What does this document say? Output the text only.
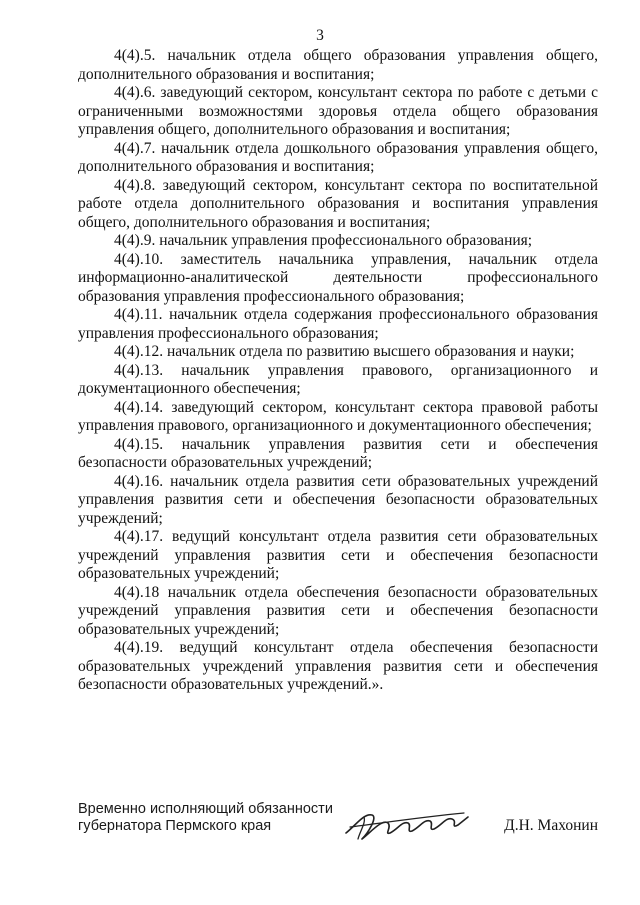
3

4(4).5. начальник отдела общего образования управления общего, дополнительного образования и воспитания;

4(4).6. заведующий сектором, консультант сектора по работе с детьми с ограниченными возможностями здоровья отдела общего образования управления общего, дополнительного образования и воспитания;

4(4).7. начальник отдела дошкольного образования управления общего, дополнительного образования и воспитания;

4(4).8. заведующий сектором, консультант сектора по воспитательной работе отдела дополнительного образования и воспитания управления общего, дополнительного образования и воспитания;

4(4).9. начальник управления профессионального образования;

4(4).10. заместитель начальника управления, начальник отдела информационно-аналитической деятельности профессионального образования управления профессионального образования;

4(4).11. начальник отдела содержания профессионального образования управления профессионального образования;

4(4).12. начальник отдела по развитию высшего образования и науки;

4(4).13. начальник управления правового, организационного и документационного обеспечения;

4(4).14. заведующий сектором, консультант сектора правовой работы управления правового, организационного и документационного обеспечения;

4(4).15. начальник управления развития сети и обеспечения безопасности образовательных учреждений;

4(4).16. начальник отдела развития сети образовательных учреждений управления развития сети и обеспечения безопасности образовательных учреждений;

4(4).17. ведущий консультант отдела развития сети образовательных учреждений управления развития сети и обеспечения безопасности образовательных учреждений;

4(4).18 начальник отдела обеспечения безопасности образовательных учреждений управления развития сети и обеспечения безопасности образовательных учреждений;

4(4).19. ведущий консультант отдела обеспечения безопасности образовательных учреждений управления развития сети и обеспечения безопасности образовательных учреждений.».

Временно исполняющий обязанности
губернатора Пермского края	Д.Н. Махонин
